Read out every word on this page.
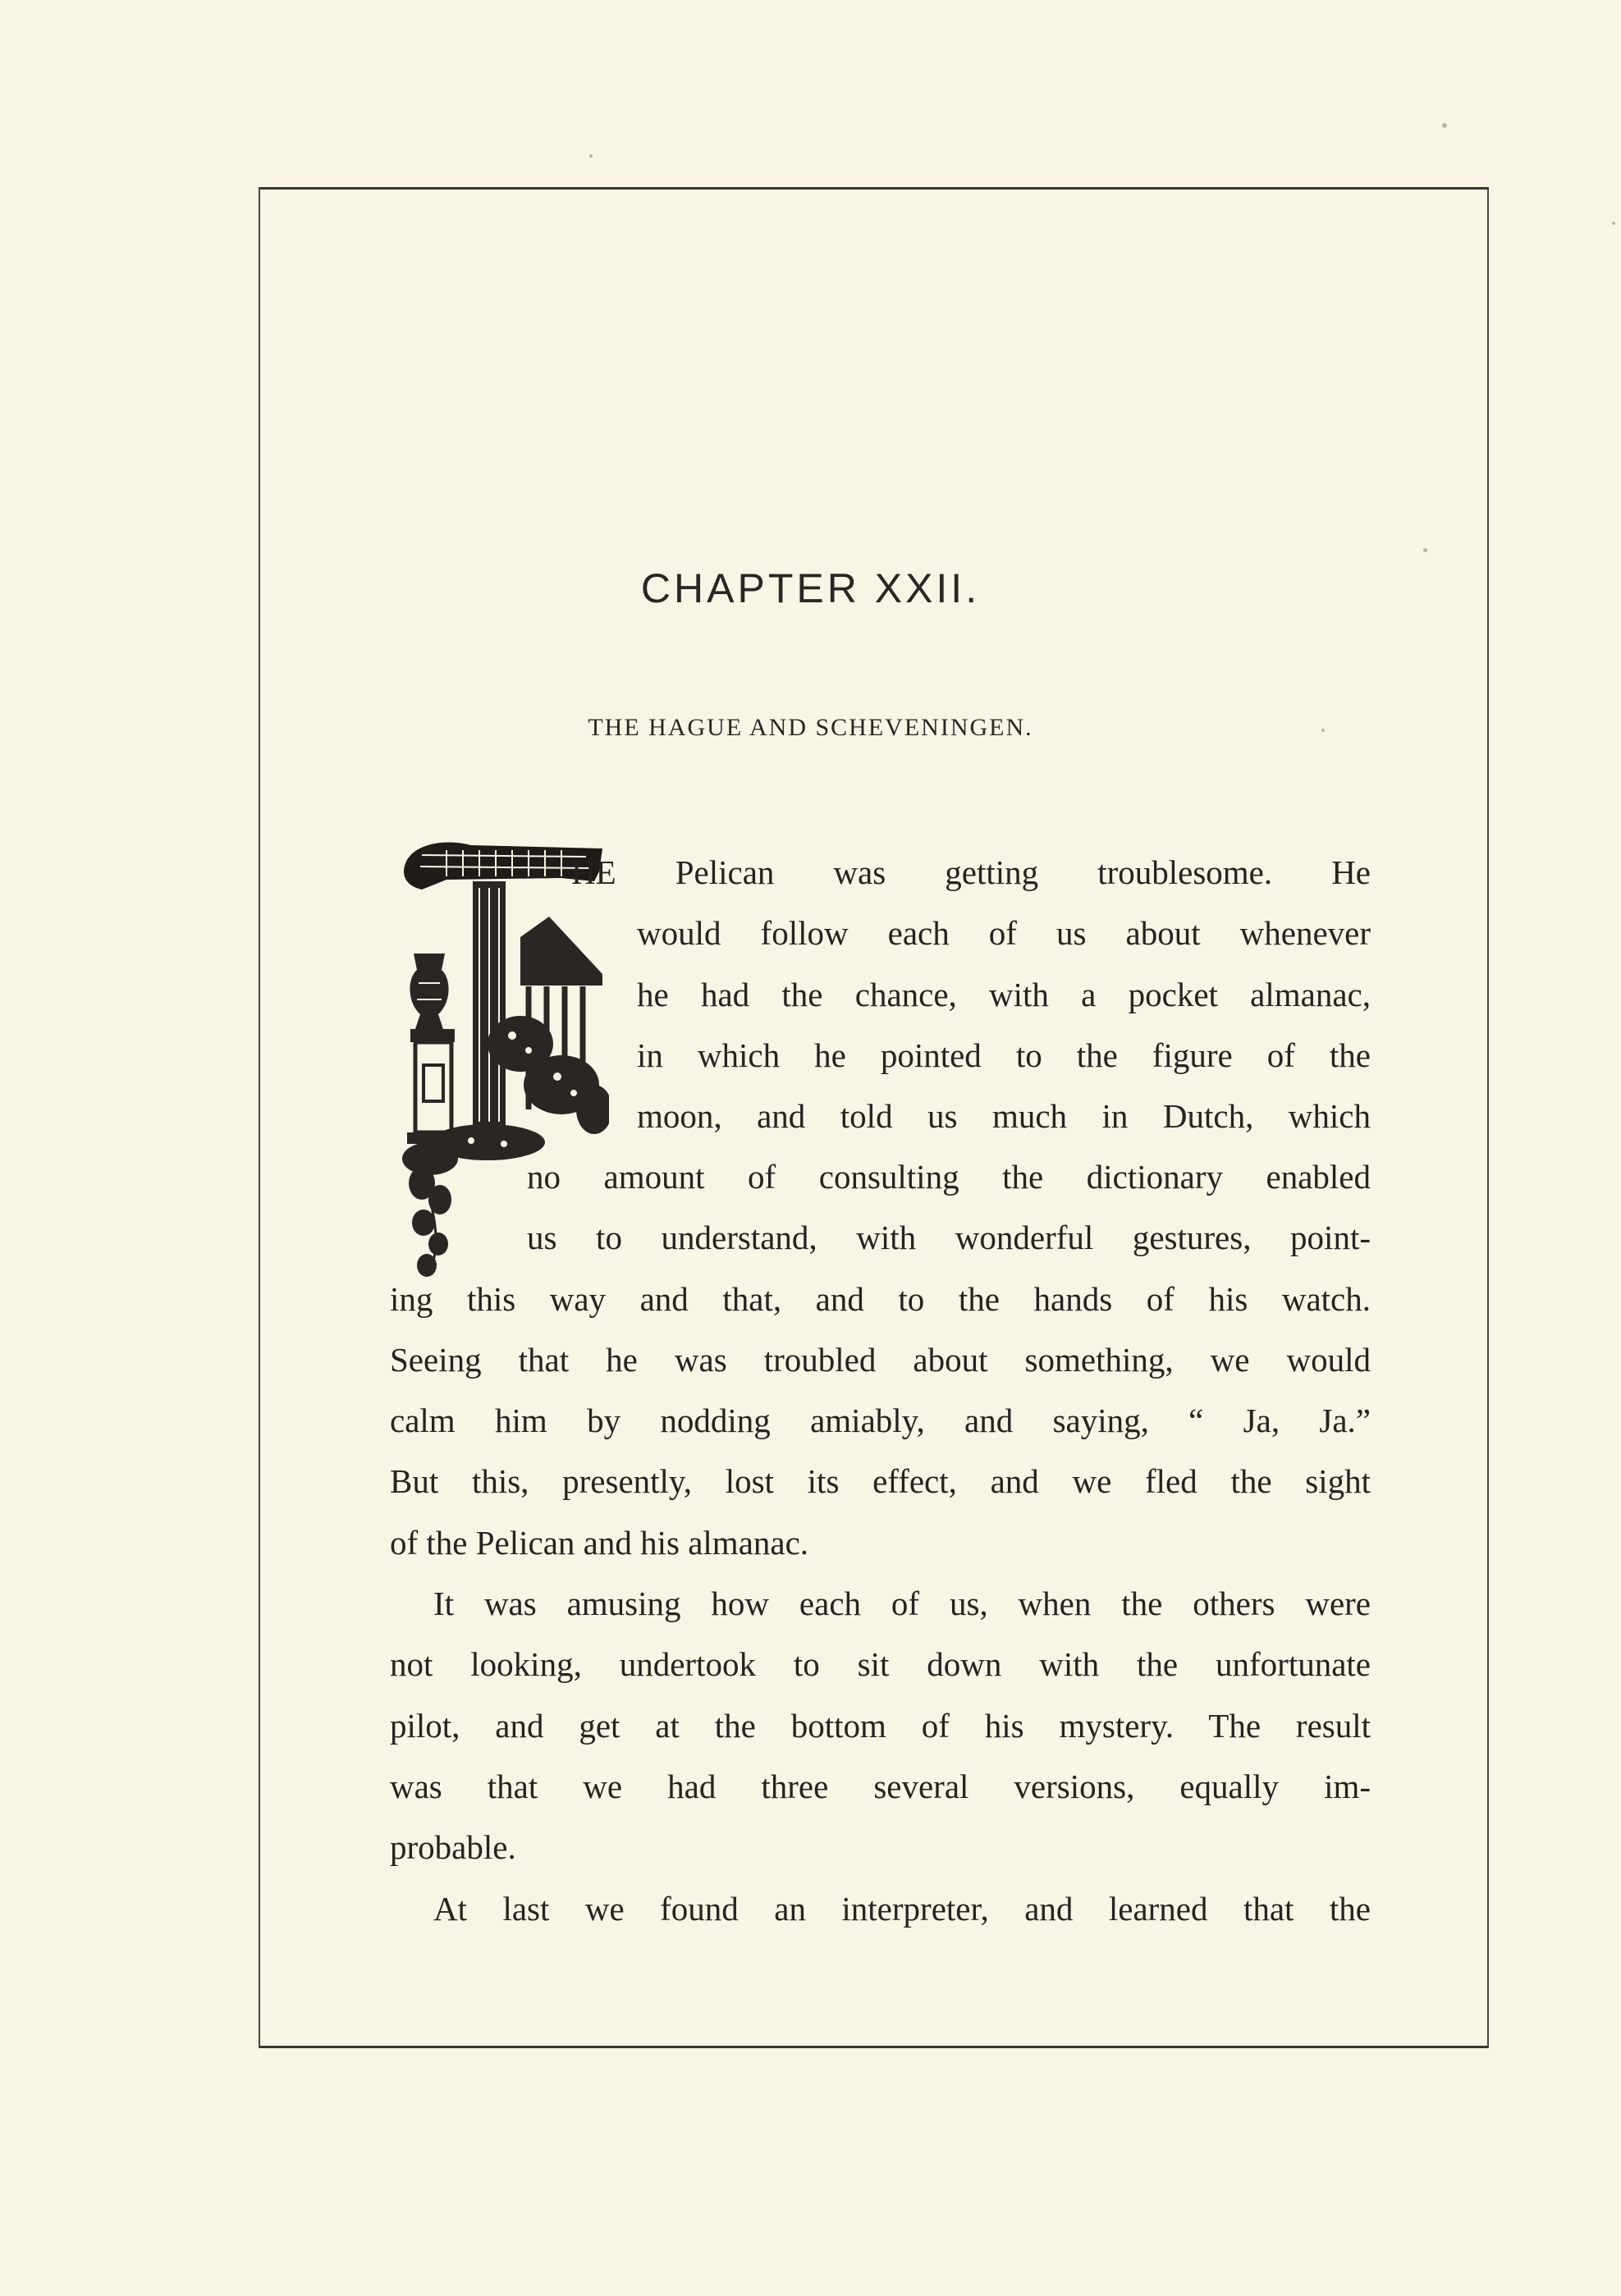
CHAPTER XXII.
THE HAGUE AND SCHEVENINGEN.
HE Pelican was getting troublesome. He
would follow each of us about whenever
he had the chance, with a pocket almanac,
in which he pointed to the figure of the
moon, and told us much in Dutch, which
no amount of consulting the dictionary enabled
us to understand, with wonderful gestures, point-
ing this way and that, and to the hands of his watch.
Seeing that he was troubled about something, we would
calm him by nodding amiably, and saying, “ Ja, Ja.”
But this, presently, lost its effect, and we fled the sight
of the Pelican and his almanac.
It was amusing how each of us, when the others were
not looking, undertook to sit down with the unfortunate
pilot, and get at the bottom of his mystery. The result
was that we had three several versions, equally im-
probable.
At last we found an interpreter, and learned that the
